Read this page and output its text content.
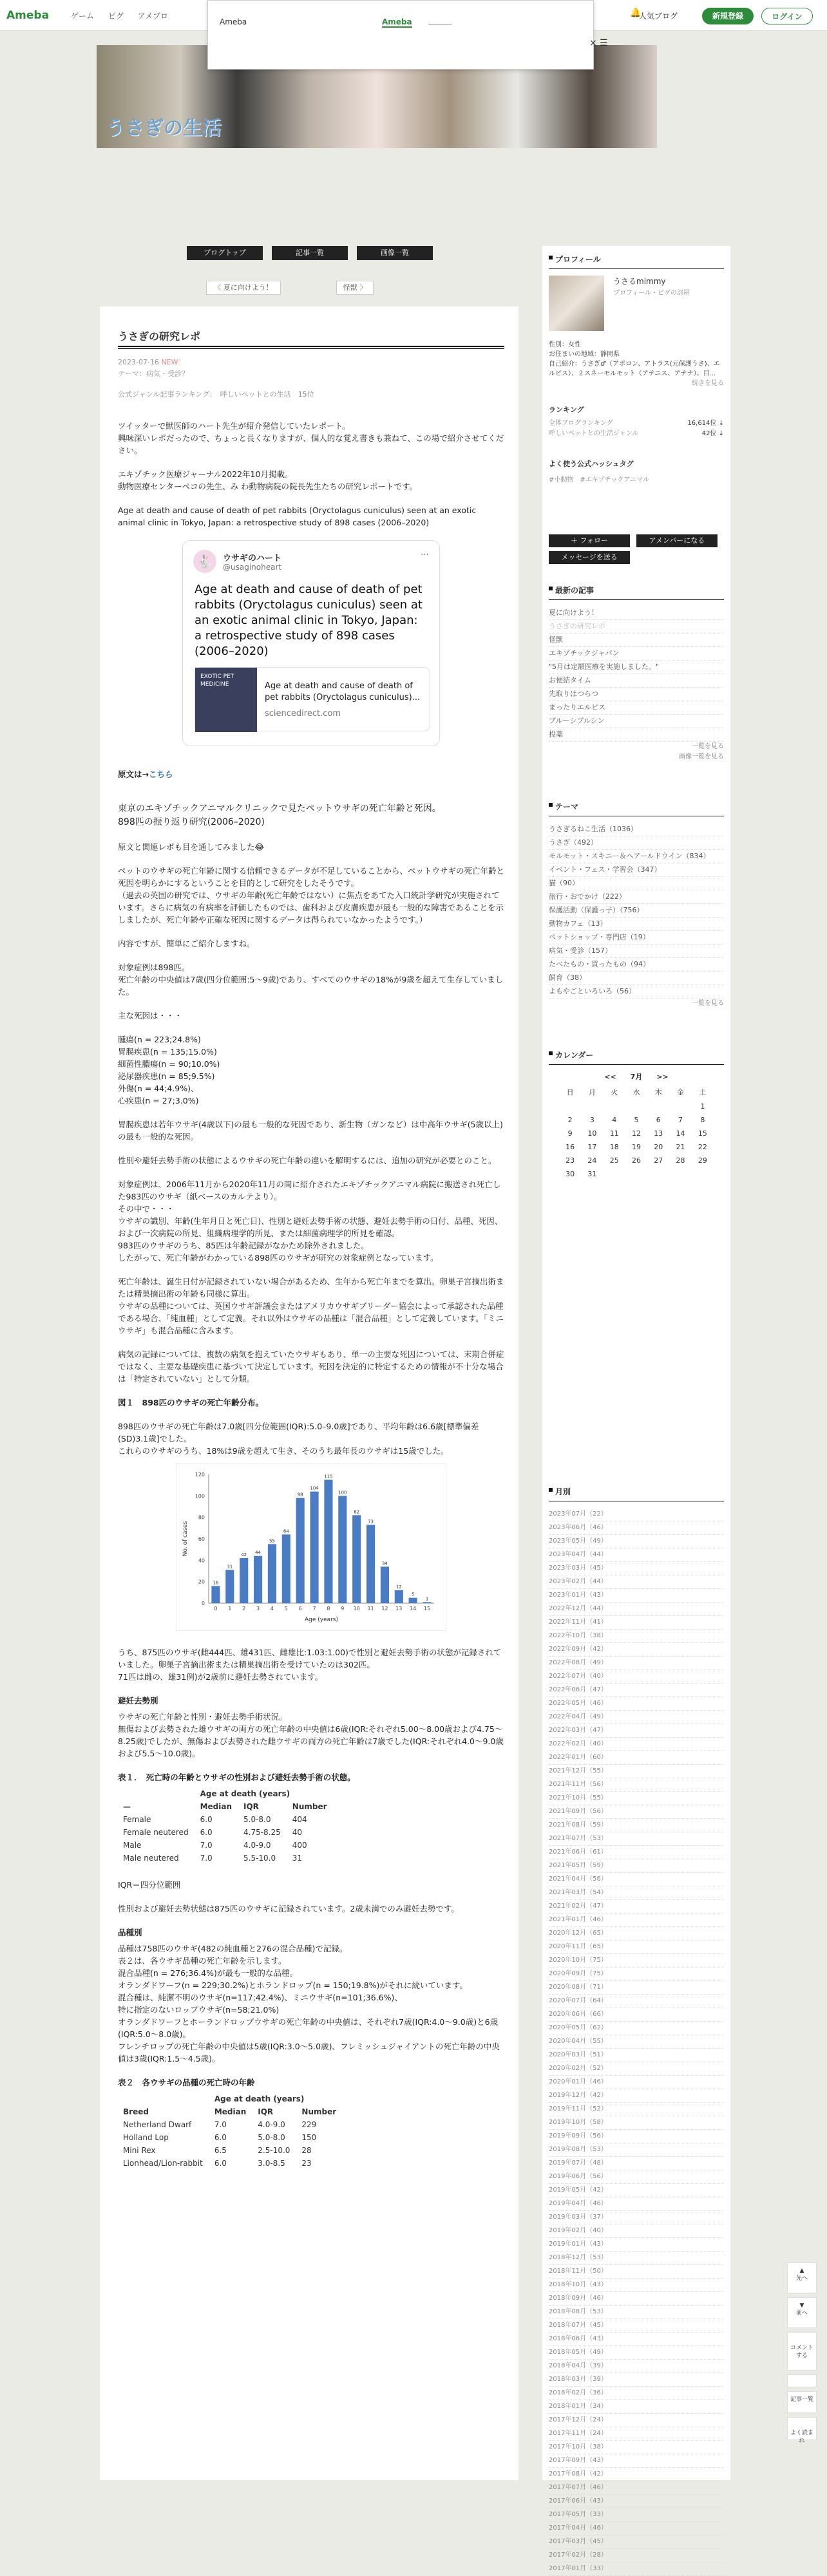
Ameba	ゲーム ピグ アメブロ	🔔
人気ブログ	新規登録	ログイン
Ameba	Ameba
× ☰
うさぎの生活
ブログトップ	記事一覧	画像一覧
〈 夏に向けよう！	怪獣 〉
うさぎの研究レポ
2023-07-16 NEW！
テーマ：病気・受診？
公式ジャンル記事ランキング：　呼しいペットとの生活　15位
ツイッターで獣医師のハート先生が紹介発信していたレポート。
興味深いレポだったので、ちょっと長くなりますが、個人的な覚え書きも兼ねて、この場で紹介させてください。
エキゾチック医療ジャーナル2022年10月掲載。
動物医療センターペコの先生、み わ動物病院の院長先生たちの研究レポートです。
Age at death and cause of death of pet rabbits (Oryctolagus cuniculus) seen at an exotic animal clinic in Tokyo, Japan: a retrospective study of 898 cases (2006–2020)
🐇	ウサギのハート
@usaginoheart
⋯
Age at death and cause of death of pet rabbits (Oryctolagus cuniculus) seen at an exotic animal clinic in Tokyo, Japan: a retrospective study of 898 cases (2006–2020)
EXOTIC PET MEDICINE	Age at death and cause of death of pet rabbits (Oryctolagus cuniculus)...
sciencedirect.com
原文は→こちら
東京のエキゾチックアニマルクリニックで見たペットウサギの死亡年齢と死因。
898匹の振り返り研究(2006–2020)
原文と関連レポも目を通してみました😂
ペットのウサギの死亡年齢に関する信頼できるデータが不足していることから、ペットウサギの死亡年齢と死因を明らかにするということを目的として研究をしたそうです。
（過去の英国の研究では、ウサギの年齢(死亡年齢ではない）に焦点をあてた入口統計学研究が実施されています。さらに病気の有病率を評価したものでは、歯科および皮膚疾患が最も一般的な障害であることを示しましたが、死亡年齢や正確な死因に関するデータは得られていなかったようです。）
内容ですが、簡単にご紹介しますね。
対象症例は898匹。
死亡年齢の中央値は7歳(四分位範囲:5〜9歳)であり、すべてのウサギの18%が9歳を超えて生存していました。
主な死因は・・・
腫瘍(n = 223;24.8%)
胃腸疾患(n = 135;15.0%)
細菌性膿瘍(n = 90;10.0%)
泌尿器疾患(n = 85;9.5%)
外傷(n = 44;4.9%)、
心疾患(n = 27;3.0%)
胃腸疾患は若年ウサギ(4歳以下)の最も一般的な死因であり、新生物（ガンなど）は中高年ウサギ(5歳以上)の最も一般的な死因。
性別や避妊去勢手術の状態によるウサギの死亡年齢の違いを解明するには、追加の研究が必要とのこと。
対象症例は、2006年11月から2020年11月の間に紹介されたエキゾチックアニマル病院に搬送され死亡した983匹のウサギ（紙ベースのカルテより）。
その中で・・・
ウサギの識別、年齢(生年月日と死亡日)、性別と避妊去勢手術の状態、避妊去勢手術の日付、品種、死因、および一次病院の所見、組織病理学的所見、または細菌病理学的所見を確認。
983匹のウサギのうち、85匹は年齢記録がなかため除外されました。
したがって、死亡年齢がわかっている898匹のウサギが研究の対象症例となっています。
死亡年齢は、誕生日付が記録されていない場合があるため、生年から死亡年までを算出。卵巣子宮摘出術または精巣摘出術の年齢も同様に算出。
ウサギの品種については、英国ウサギ評議会またはアメリカウサギブリーダー協会によって承認された品種である場合、「純血種」として定義。それ以外はウサギの品種は「混合品種」として定義しています。「ミニウサギ」も混合品種に含みます。
病気の記録については、複数の病気を抱えていたウサギもあり、単一の主要な死因については、末期合併症ではなく、主要な基礎疾患に基づいて決定しています。死因を決定的に特定するための情報が不十分な場合は「特定されていない」として分類。
図１　898匹のウサギの死亡年齢分布。
898匹のウサギの死亡年齢は7.0歳[四分位範囲(IQR):5.0–9.0歳]であり、平均年齢は6.6歳[標準偏差(SD)3.1歳]でした。
これらのウサギのうち、18%は9歳を超えて生き、そのうち最年長のウサギは15歳でした。
0
20
40
60
80
100
120
16
0
31
1
42
2
44
3
55
4
64
5
98
6
104
7
115
8
100
9
82
10
73
11
34
12
12
13
5
14
1
15
Age (years)
No. of cases
うち、875匹のウサギ(雌444匹、雄431匹、雌雄比:1.03:1.00)で性別と避妊去勢手術の状態が記録されていました。卵巣子宮摘出術または精巣摘出術を受けていたのは302匹。
71匹は雌の、雄31例)が2歳前に避妊去勢されています。
避妊去勢別
ウサギの死亡年齢と性別・避妊去勢手術状況。
無傷および去勢された雄ウサギの両方の死亡年齢の中央値は6歳(IQR:それぞれ5.00〜8.00歳および4.75〜8.25歳)でしたが、無傷および去勢された雌ウサギの両方の死亡年齢は7歳でした(IQR:それぞれ4.0〜9.0歳および5.5〜10.0歳)。
表１．　死亡時の年齢とウサギの性別および避妊去勢手術の状態。
	Age at death (years)		
—	Median	IQR	Number
Female	6.0	5.0-8.0	404
Female neutered	6.0	4.75-8.25	40
Male	7.0	4.0-9.0	400
Male neutered	7.0	5.5-10.0	31
IQR＝四分位範囲
性別および避妊去勢状態は875匹のウサギに記録されています。2歳未満でのみ避妊去勢です。
品種別
品種は758匹のウサギ(482の純血種と276の混合品種)で記録。
表２は、各ウサギ品種の死亡年齢を示します。
混合品種(n = 276;36.4%)が最も一般的な品種。
オランダドワーフ(n = 229;30.2%)とホランドロップ(n = 150;19.8%)がそれに続いています。
混合種は、純潔不明のウサギ(n=117;42.4%)、ミニウサギ(n=101;36.6%)、
特に指定のないロップウサギ(n=58;21.0%)
オランダドワーフとホーランドロップウサギの死亡年齢の中央値は、それぞれ7歳(IQR:4.0〜9.0歳)と6歳(IQR:5.0〜8.0歳)。
フレンチロップの死亡年齢の中央値は5歳(IQR:3.0〜5.0歳)、フレミッシュジャイアントの死亡年齢の中央値は3歳(IQR:1.5〜4.5歳)。
表２　各ウサギの品種の死亡時の年齢
	Age at death (years)		
Breed	Median	IQR	Number
Netherland Dwarf	7.0	4.0-9.0	229
Holland Lop	6.0	5.0-8.0	150
Mini Rex	6.5	2.5-10.0	28
Lionhead/Lion-rabbit	6.0	3.0-8.5	23
プロフィール
うさるmimmy
プロフィール・ピグの部屋
性別：女性
お住まいの地域：静岡県
自己紹介：うさぎ♂（アポロン、アトラス(元保護うさ)、エルピス）、２スネーモルモット（アテニス、アテナ）、目...
続きを見る
ランキング
全体ブログランキング	16,614位 ↓
呼しいペットとの生活ジャンル	42位 ↓
よく使う公式ハッシュタグ
#小動物　#エキゾチックアニマル
＋ フォロー	アメンバーになる
メッセージを送る
最新の記事
夏に向けよう！
うさぎの研究レポ
怪獣
エキゾチックジャパン
"5月は定額医療を実施しました。"
お便結タイム
先取りはつらつ
まったりエルピス
ブルーシブルシン
投薬
一覧を見る
画像一覧を見る
テーマ
うさぎるねこ生活（1036）
うさぎ（492）
モルモット・スキニー＆ヘアールドウイン（834）
イベント・フェス・学習会（347）
猫（90）
旅行・おでかけ（222）
保護活動（保護っ子）（756）
動物カフェ（13）
ペットショップ・専門店（19）
病気・受診（157）
たべたもの・買ったもの（94）
飼育（38）
よもやごといろいろ（56）
一覧を見る
カレンダー
<<　　7月　　>>
日	月	火	水	木	金	土
						1
2	3	4	5	6	7	8
9	10	11	12	13	14	15
16	17	18	19	20	21	22
23	24	25	26	27	28	29
30	31					
月別
2023年07月（22）
2023年06月（46）
2023年05月（49）
2023年04月（44）
2023年03月（45）
2023年02月（44）
2023年01月（43）
2022年12月（44）
2022年11月（41）
2022年10月（38）
2022年09月（42）
2022年08月（49）
2022年07月（40）
2022年06月（47）
2022年05月（46）
2022年04月（49）
2022年03月（47）
2022年02月（40）
2022年01月（60）
2021年12月（55）
2021年11月（56）
2021年10月（55）
2021年09月（56）
2021年08月（59）
2021年07月（53）
2021年06月（61）
2021年05月（59）
2021年04月（56）
2021年03月（54）
2021年02月（47）
2021年01月（46）
2020年12月（65）
2020年11月（65）
2020年10月（75）
2020年09月（75）
2020年08月（71）
2020年07月（64）
2020年06月（66）
2020年05月（62）
2020年04月（55）
2020年03月（51）
2020年02月（52）
2020年01月（46）
2019年12月（42）
2019年11月（52）
2019年10月（58）
2019年09月（56）
2019年08月（53）
2019年07月（48）
2019年06月（56）
2019年05月（42）
2019年04月（46）
2019年03月（37）
2019年02月（40）
2019年01月（43）
2018年12月（53）
2018年11月（50）
2018年10月（43）
2018年09月（46）
2018年08月（53）
2018年07月（45）
2018年06月（43）
2018年05月（49）
2018年04月（39）
2018年03月（39）
2018年02月（36）
2018年01月（34）
2017年12月（24）
2017年11月（24）
2017年10月（38）
2017年09月（43）
2017年08月（42）
2017年07月（46）
2017年06月（43）
2017年05月（33）
2017年04月（46）
2017年03月（45）
2017年02月（28）
2017年01月（33）
▲
先へ
▼
前へ

コメントする
記事一覧

よく読まれ
